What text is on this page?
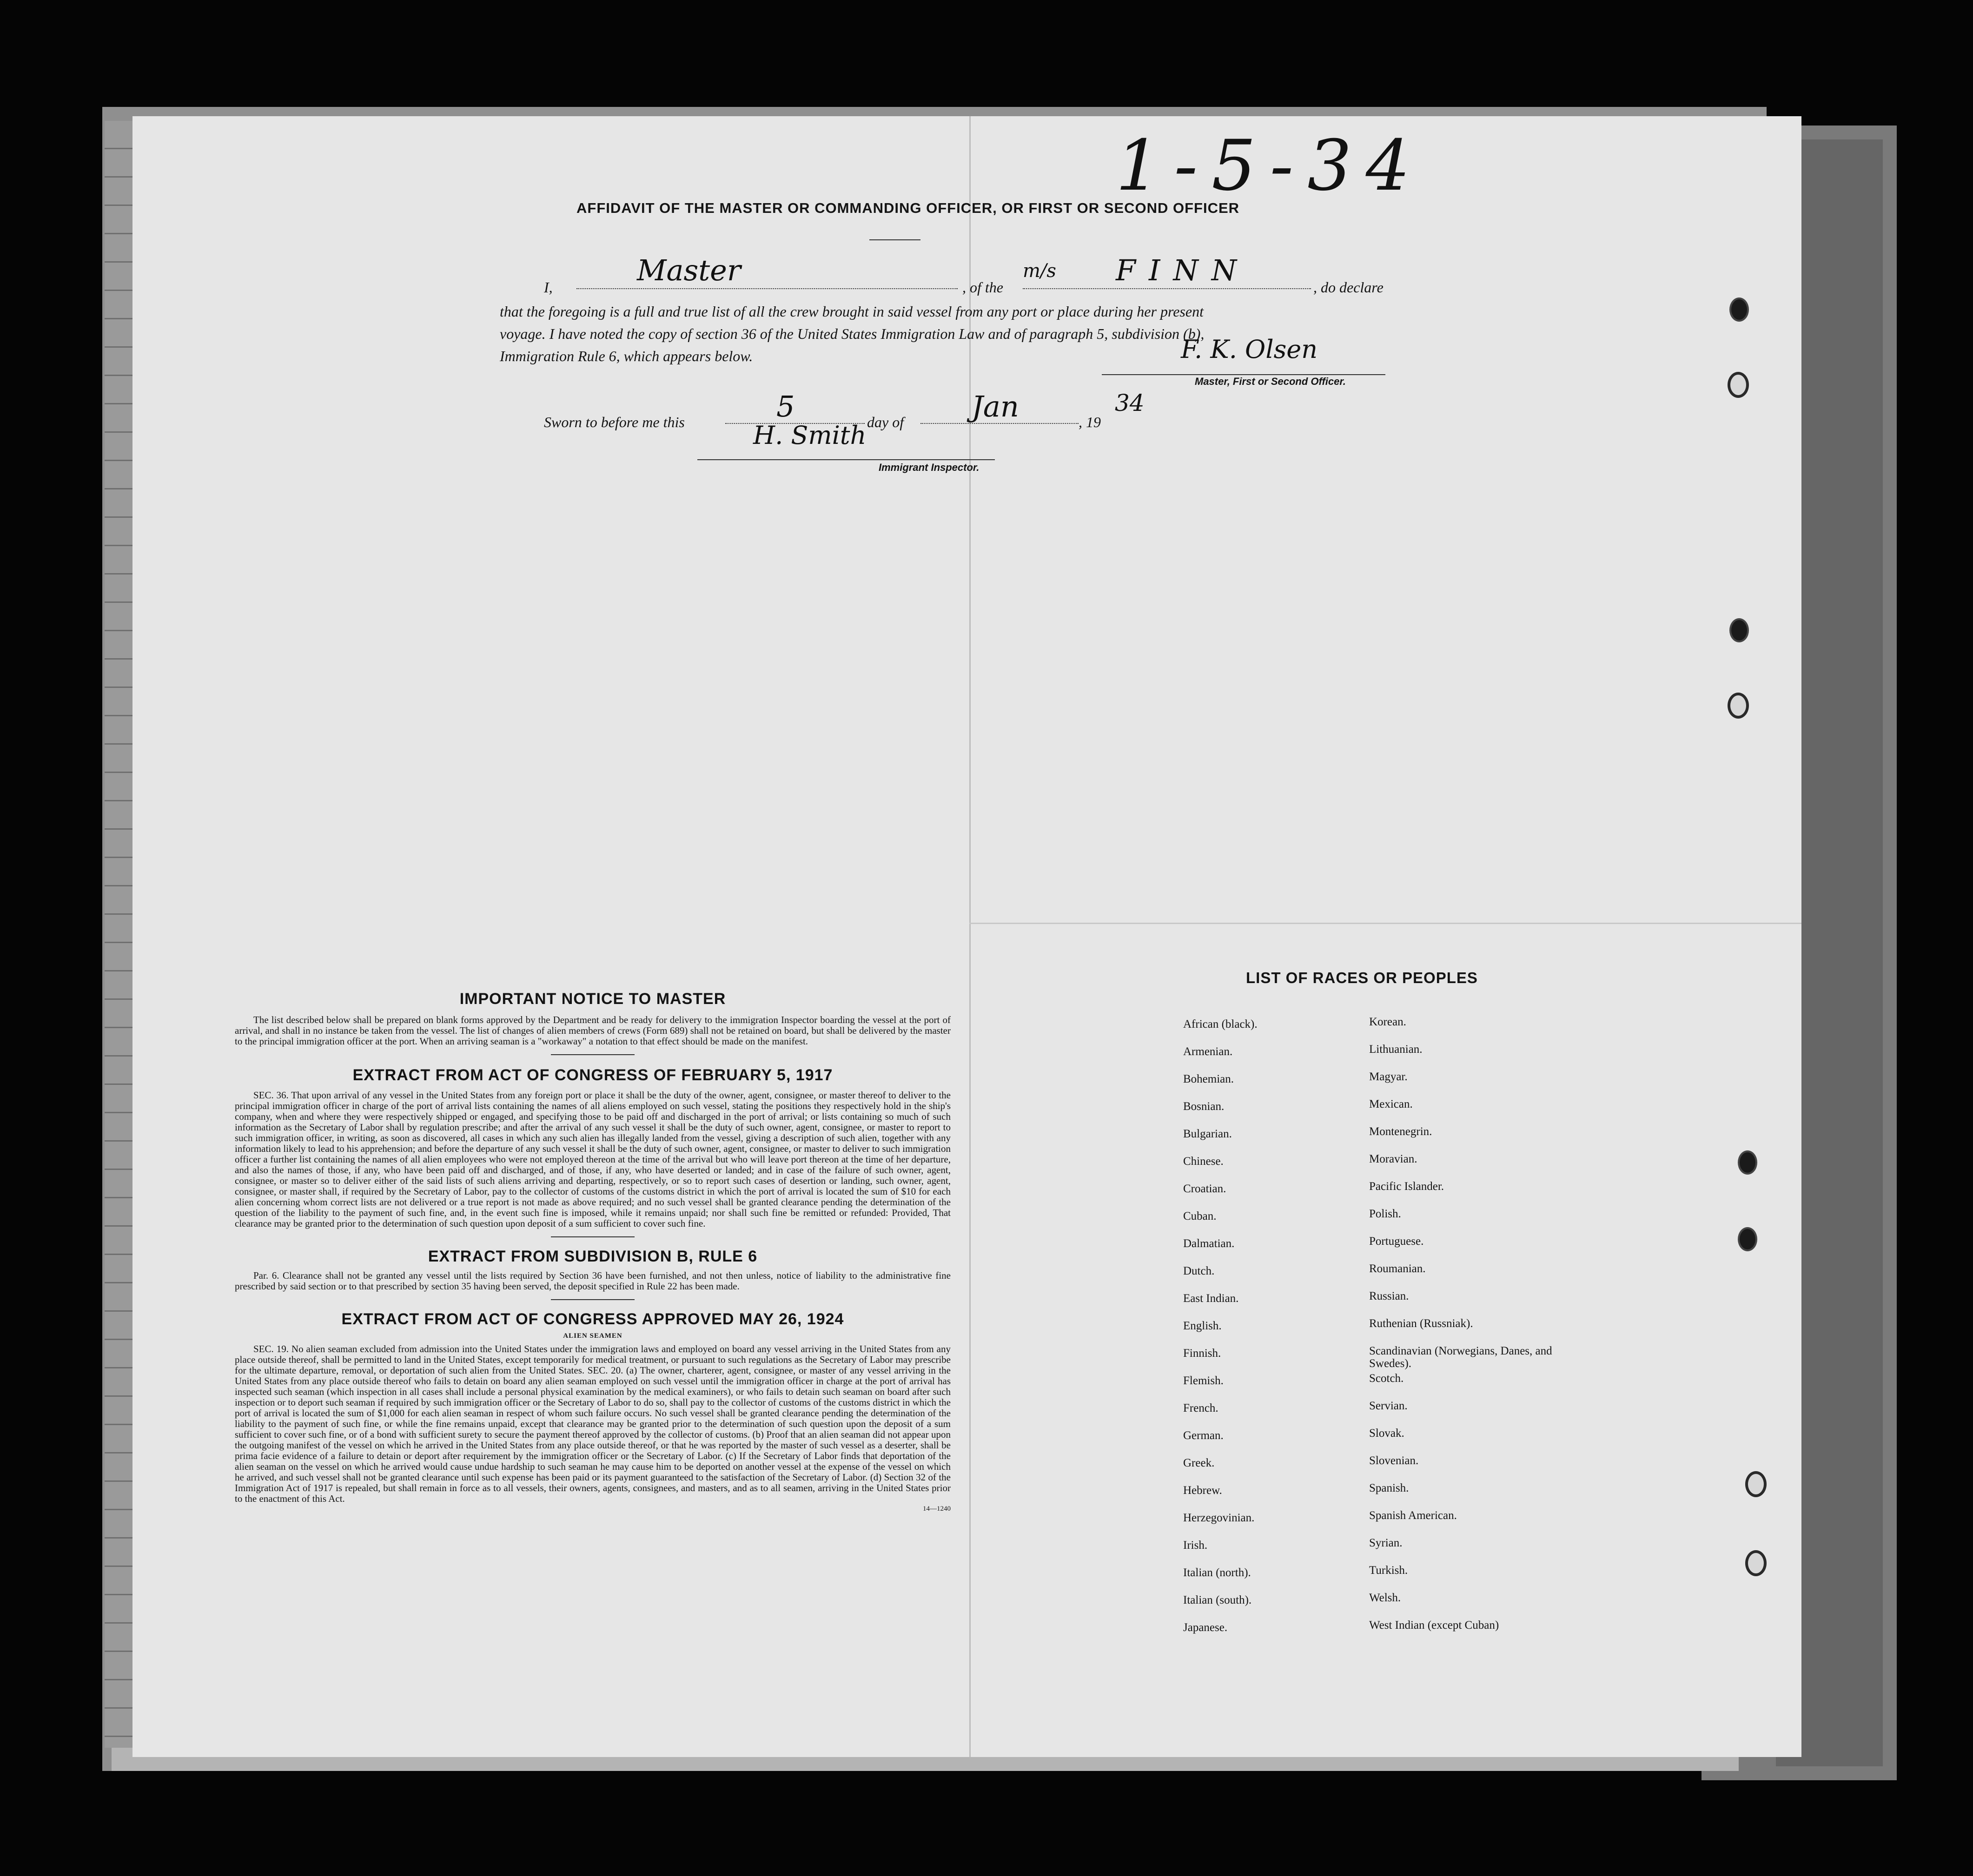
1-5-34
AFFIDAVIT OF THE MASTER OR COMMANDING OFFICER, OR FIRST OR SECOND OFFICER
I,	Master	, of the
m/s FINN	, do declare
that the foregoing is a full and true list of all the crew brought in said vessel from any port or place during her present
voyage. I have noted the copy of section 36 of the United States Immigration Law and of paragraph 5, subdivision (b),
Immigration Rule 6, which appears below.	F. K. Olsen
Master, First or Second Officer.
Sworn to before me this	5	day of Jan	, 19
34
H. Smith
Immigrant Inspector.
IMPORTANT NOTICE TO MASTER
The list described below shall be prepared on blank forms approved by the Department and be ready for delivery to the immigration Inspector boarding the vessel at the port of arrival, and shall in no instance be taken from the vessel. The list of changes of alien members of crews (Form 689) shall not be retained on board, but shall be delivered by the master to the principal immigration officer at the port. When an arriving seaman is a "workaway" a notation to that effect should be made on the manifest.
EXTRACT FROM ACT OF CONGRESS OF FEBRUARY 5, 1917
SEC. 36. That upon arrival of any vessel in the United States from any foreign port or place it shall be the duty of the owner, agent, consignee, or master thereof to deliver to the principal immigration officer in charge of the port of arrival lists containing the names of all aliens employed on such vessel, stating the positions they respectively hold in the ship's company, when and where they were respectively shipped or engaged, and specifying those to be paid off and discharged in the port of arrival; or lists containing so much of such information as the Secretary of Labor shall by regulation prescribe; and after the arrival of any such vessel it shall be the duty of such owner, agent, consignee, or master to report to such immigration officer, in writing, as soon as discovered, all cases in which any such alien has illegally landed from the vessel, giving a description of such alien, together with any information likely to lead to his apprehension; and before the departure of any such vessel it shall be the duty of such owner, agent, consignee, or master to deliver to such immigration officer a further list containing the names of all alien employees who were not employed thereon at the time of the arrival but who will leave port thereon at the time of her departure, and also the names of those, if any, who have been paid off and discharged, and of those, if any, who have deserted or landed; and in case of the failure of such owner, agent, consignee, or master so to deliver either of the said lists of such aliens arriving and departing, respectively, or so to report such cases of desertion or landing, such owner, agent, consignee, or master shall, if required by the Secretary of Labor, pay to the collector of customs of the customs district in which the port of arrival is located the sum of $10 for each alien concerning whom correct lists are not delivered or a true report is not made as above required; and no such vessel shall be granted clearance pending the determination of the question of the liability to the payment of such fine, and, in the event such fine is imposed, while it remains unpaid; nor shall such fine be remitted or refunded: Provided, That clearance may be granted prior to the determination of such question upon deposit of a sum sufficient to cover such fine.
EXTRACT FROM SUBDIVISION B, RULE 6
Par. 6. Clearance shall not be granted any vessel until the lists required by Section 36 have been furnished, and not then unless, notice of liability to the administrative fine prescribed by said section or to that prescribed by section 35 having been served, the deposit specified in Rule 22 has been made.
EXTRACT FROM ACT OF CONGRESS APPROVED MAY 26, 1924
ALIEN SEAMEN
SEC. 19. No alien seaman excluded from admission into the United States under the immigration laws and employed on board any vessel arriving in the United States from any place outside thereof, shall be permitted to land in the United States, except temporarily for medical treatment, or pursuant to such regulations as the Secretary of Labor may prescribe for the ultimate departure, removal, or deportation of such alien from the United States. SEC. 20. (a) The owner, charterer, agent, consignee, or master of any vessel arriving in the United States from any place outside thereof who fails to detain on board any alien seaman employed on such vessel until the immigration officer in charge at the port of arrival has inspected such seaman (which inspection in all cases shall include a personal physical examination by the medical examiners), or who fails to detain such seaman on board after such inspection or to deport such seaman if required by such immigration officer or the Secretary of Labor to do so, shall pay to the collector of customs of the customs district in which the port of arrival is located the sum of $1,000 for each alien seaman in respect of whom such failure occurs. No such vessel shall be granted clearance pending the determination of the liability to the payment of such fine, or while the fine remains unpaid, except that clearance may be granted prior to the determination of such question upon the deposit of a sum sufficient to cover such fine, or of a bond with sufficient surety to secure the payment thereof approved by the collector of customs. (b) Proof that an alien seaman did not appear upon the outgoing manifest of the vessel on which he arrived in the United States from any place outside thereof, or that he was reported by the master of such vessel as a deserter, shall be prima facie evidence of a failure to detain or deport after requirement by the immigration officer or the Secretary of Labor. (c) If the Secretary of Labor finds that deportation of the alien seaman on the vessel on which he arrived would cause undue hardship to such seaman he may cause him to be deported on another vessel at the expense of the vessel on which he arrived, and such vessel shall not be granted clearance until such expense has been paid or its payment guaranteed to the satisfaction of the Secretary of Labor. (d) Section 32 of the Immigration Act of 1917 is repealed, but shall remain in force as to all vessels, their owners, agents, consignees, and masters, and as to all seamen, arriving in the United States prior to the enactment of this Act.
14—1240
LIST OF RACES OR PEOPLES
African (black).
Armenian.
Bohemian.
Bosnian.
Bulgarian.
Chinese.
Croatian.
Cuban.
Dalmatian.
Dutch.
East Indian.
English.
Finnish.
Flemish.
French.
German.
Greek.
Hebrew.
Herzegovinian.
Irish.
Italian (north).
Italian (south).
Japanese.
Korean.
Lithuanian.
Magyar.
Mexican.
Montenegrin.
Moravian.
Pacific Islander.
Polish.
Portuguese.
Roumanian.
Russian.
Ruthenian (Russniak).
Scandinavian (Norwegians, Danes, and Swedes).
Scotch.
Servian.
Slovak.
Slovenian.
Spanish.
Spanish American.
Syrian.
Turkish.
Welsh.
West Indian (except Cuban)
